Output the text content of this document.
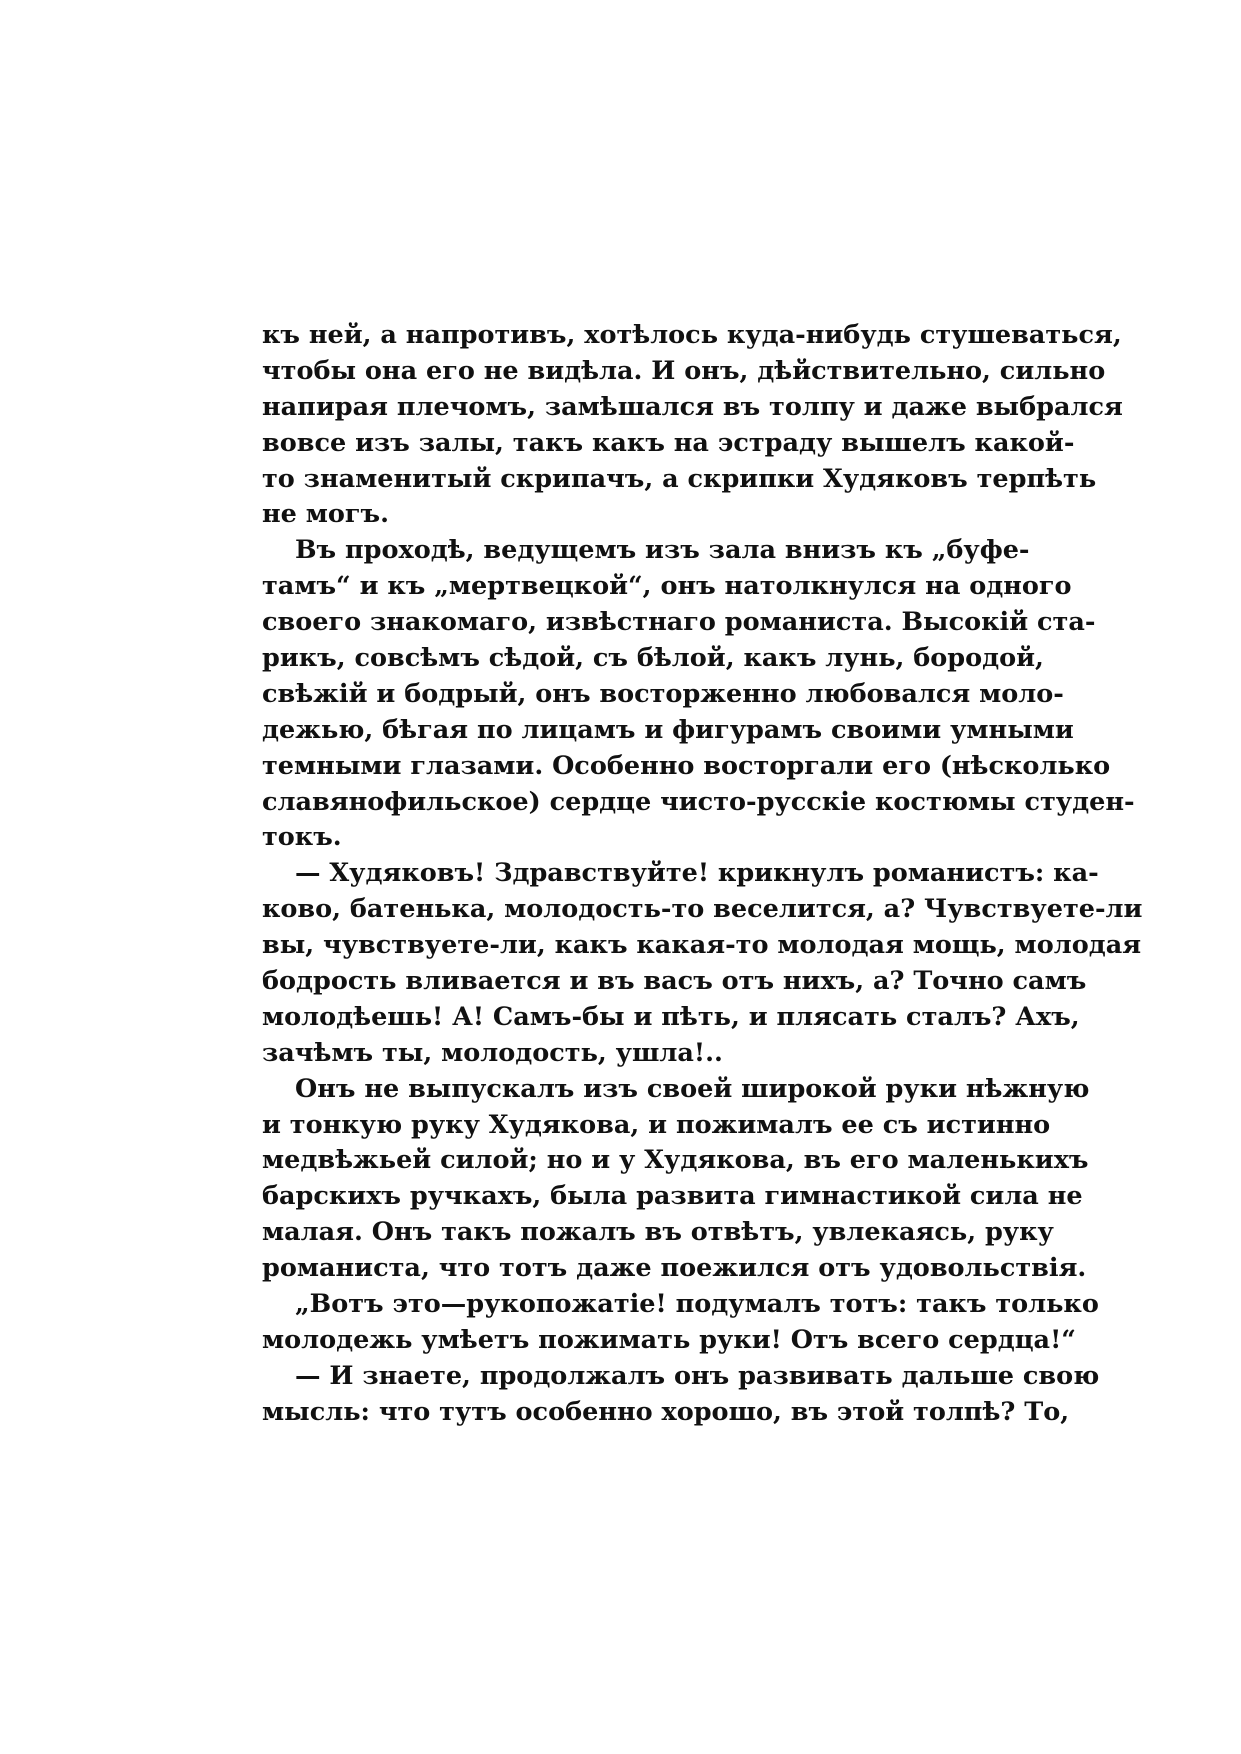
къ ней, а напротивъ, хотѣлось куда-нибудь стушеваться,
чтобы она его не видѣла. И онъ, дѣйствительно, сильно
напирая плечомъ, замѣшался въ толпу и даже выбрался
вовсе изъ залы, такъ какъ на эстраду вышелъ какой-
то знаменитый скрипачъ, а скрипки Худяковъ терпѣть
не могъ.
Въ проходѣ, ведущемъ изъ зала внизъ къ „буфе-
тамъ“ и къ „мертвецкой“, онъ натолкнулся на одного
своего знакомаго, извѣстнаго романиста. Высокій ста-
рикъ, совсѣмъ сѣдой, съ бѣлой, какъ лунь, бородой,
свѣжій и бодрый, онъ восторженно любовался моло-
дежью, бѣгая по лицамъ и фигурамъ своими умными
темными глазами. Особенно восторгали его (нѣсколько
славянофильское) сердце чисто-русскіе костюмы студен-
токъ.
— Худяковъ! Здравствуйте! крикнулъ романистъ: ка-
ково, батенька, молодость-то веселится, а? Чувствуете-ли
вы, чувствуете-ли, какъ какая-то молодая мощь, молодая
бодрость вливается и въ васъ отъ нихъ, а? Точно самъ
молодѣешь! А! Самъ-бы и пѣть, и плясать сталъ? Ахъ,
зачѣмъ ты, молодость, ушла!..
Онъ не выпускалъ изъ своей широкой руки нѣжную
и тонкую руку Худякова, и пожималъ ее съ истинно
медвѣжьей силой; но и у Худякова, въ его маленькихъ
барскихъ ручкахъ, была развита гимнастикой сила не
малая. Онъ такъ пожалъ въ отвѣтъ, увлекаясь, руку
романиста, что тотъ даже поежился отъ удовольствія.
„Вотъ это—рукопожатіе! подумалъ тотъ: такъ только
молодежь умѣетъ пожимать руки! Отъ всего сердца!“
— И знаете, продолжалъ онъ развивать дальше свою
мысль: что тутъ особенно хорошо, въ этой толпѣ? То,
